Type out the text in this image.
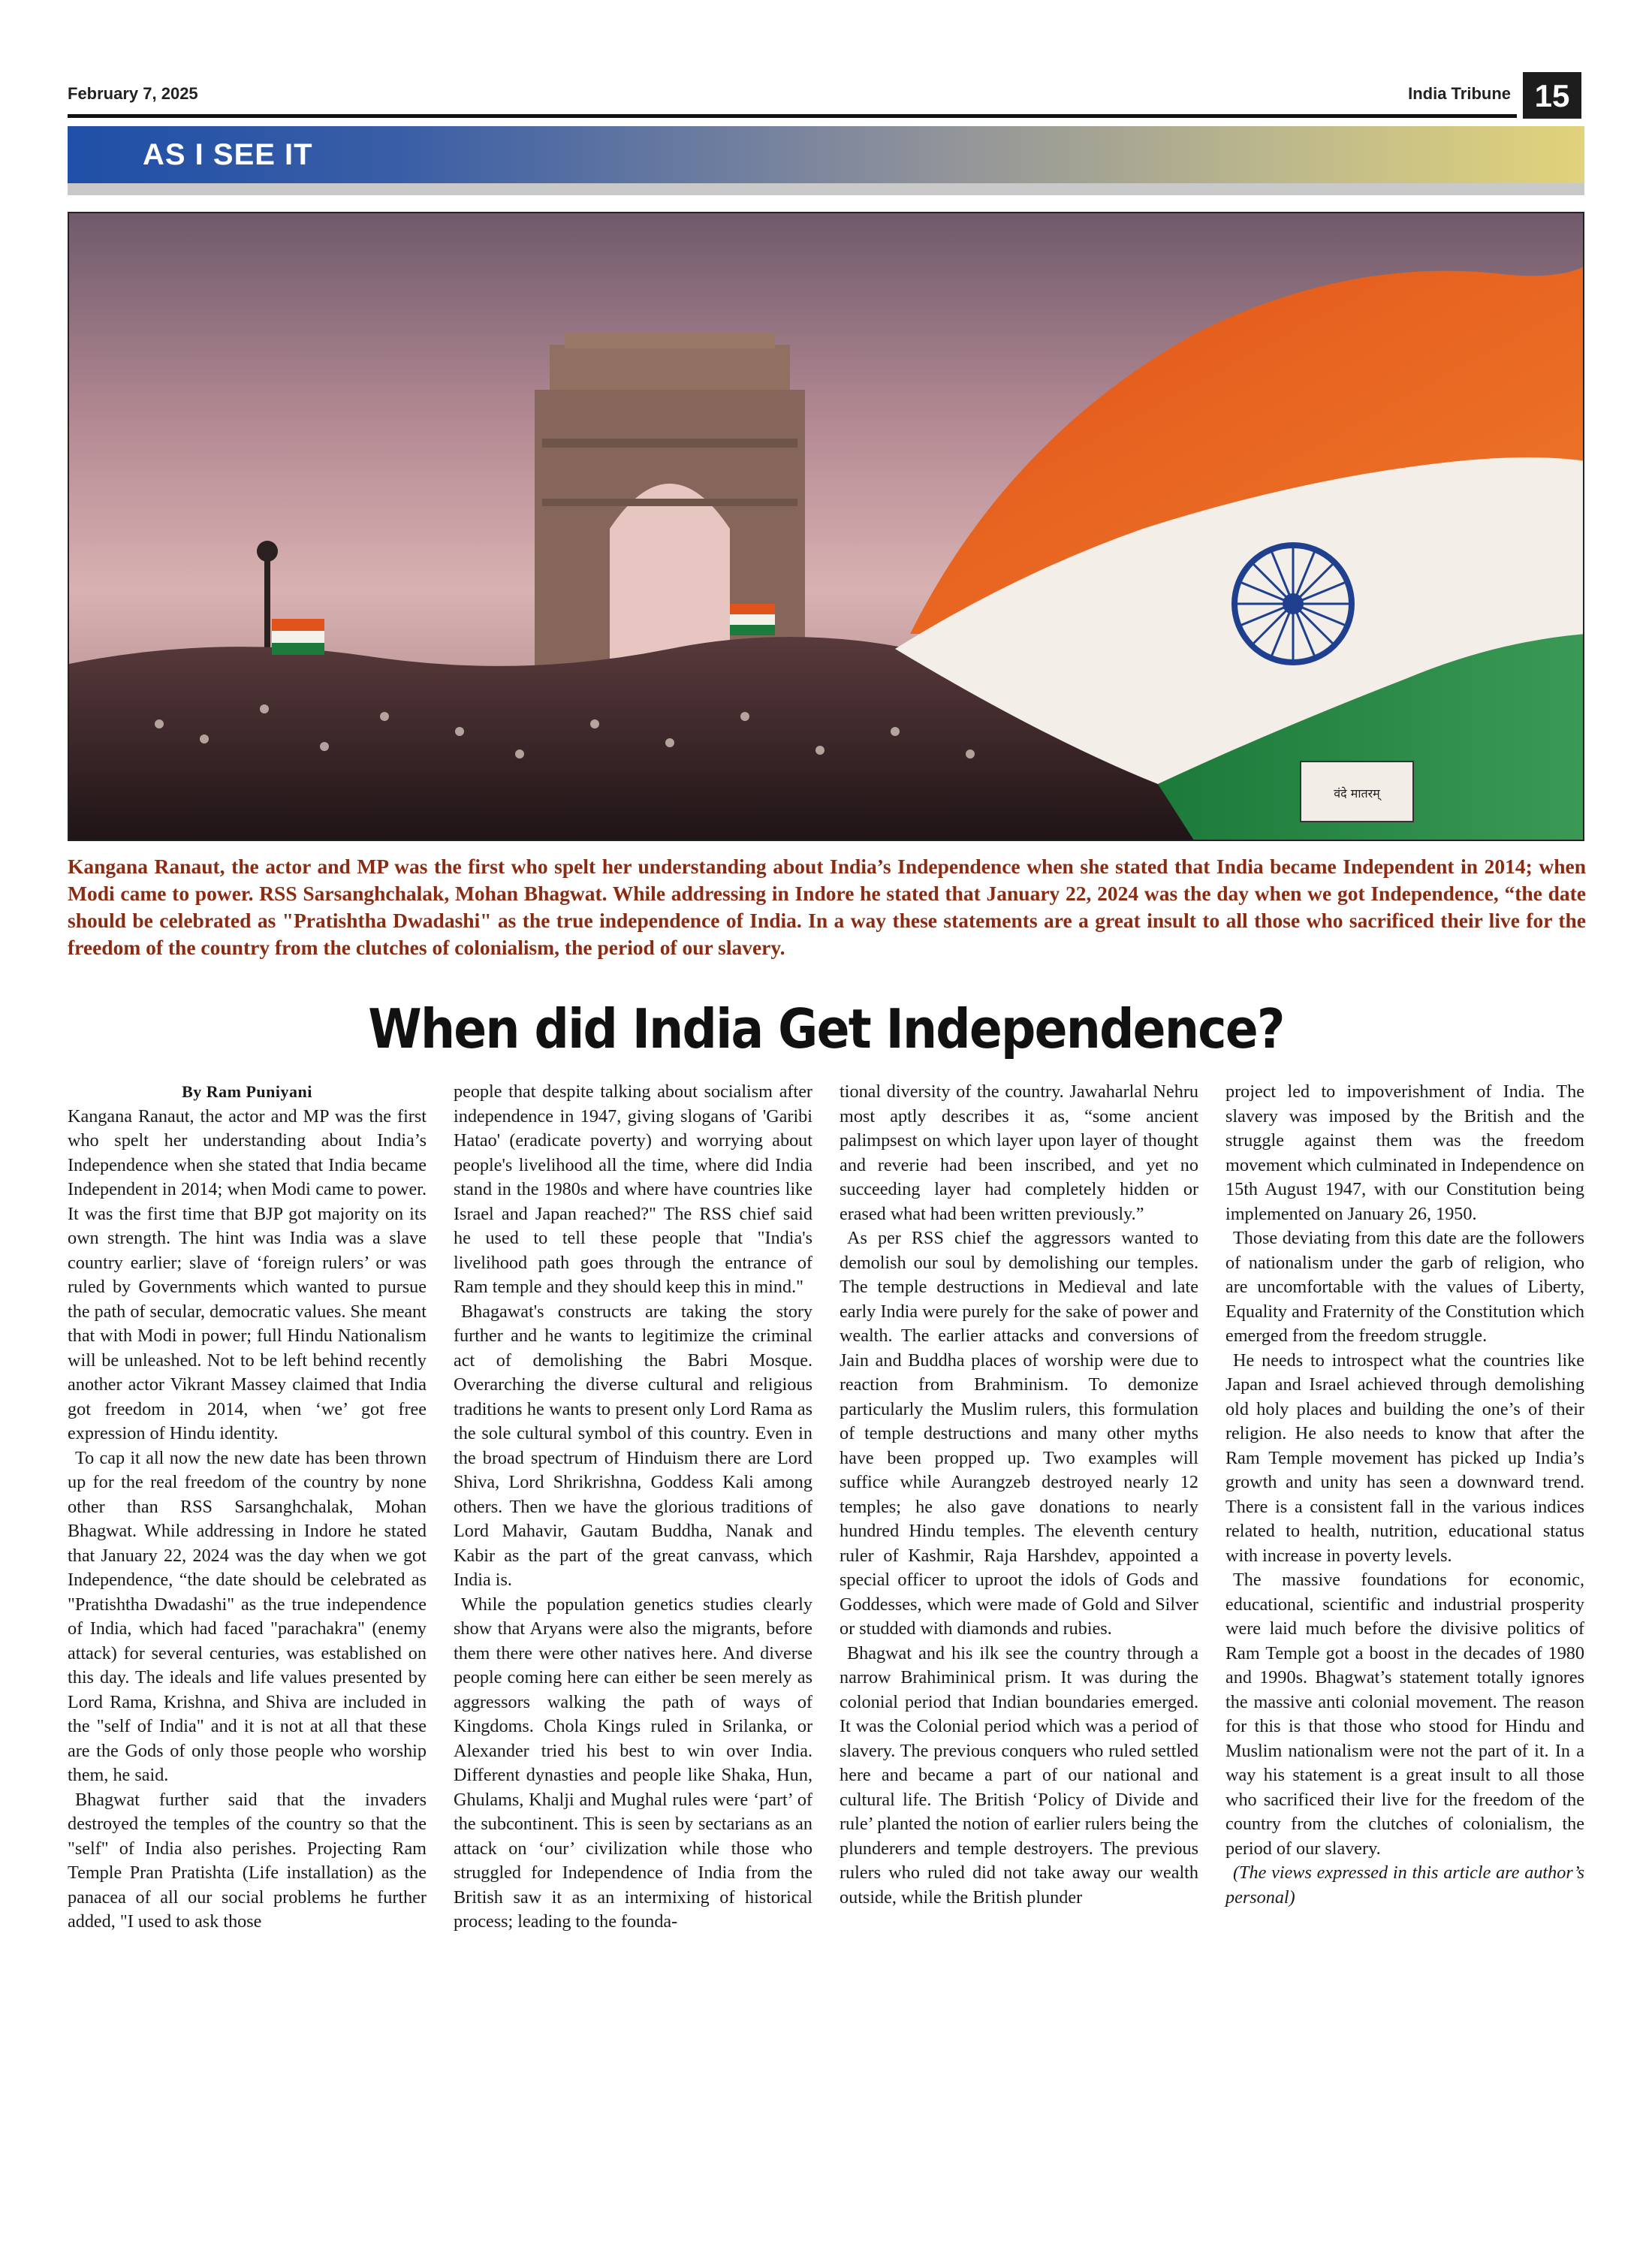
February 7, 2025	India Tribune 15
AS I SEE IT
वंदे मातरम्
Kangana Ranaut, the actor and MP was the first who spelt her understanding about India’s Independence when she stated that India became Independent in 2014; when Modi came to power. RSS Sarsanghchalak, Mohan Bhagwat. While addressing in Indore he stated that January 22, 2024 was the day when we got Independence, “the date should be celebrated as "Pratishtha Dwadashi" as the true independence of India. In a way these statements are a great insult to all those who sacrificed their live for the freedom of the country from the clutches of colonialism, the period of our slavery.
When did India Get Independence?

By Ram Puniyani

Kangana Ranaut, the actor and MP was the first who spelt her understanding about India’s Independence when she stated that India became Independent in 2014; when Modi came to power. It was the first time that BJP got majority on its own strength. The hint was India was a slave country earlier; slave of ‘foreign rulers’ or was ruled by Governments which wanted to pursue the path of secular, democratic values. She meant that with Modi in power; full Hindu Nationalism will be unleashed. Not to be left behind recently another actor Vikrant Massey claimed that India got freedom in 2014, when ‘we’ got free expression of Hindu identity.

To cap it all now the new date has been thrown up for the real freedom of the country by none other than RSS Sarsanghchalak, Mohan Bhagwat. While addressing in Indore he stated that January 22, 2024 was the day when we got Independence, “the date should be celebrated as "Pratishtha Dwadashi" as the true independence of India, which had faced "parachakra" (enemy attack) for several centuries, was established on this day. The ideals and life values presented by Lord Rama, Krishna, and Shiva are included in the "self of India" and it is not at all that these are the Gods of only those people who worship them, he said.

Bhagwat further said that the invaders destroyed the temples of the country so that the "self" of India also perishes. Projecting Ram Temple Pran Pratishta (Life installation) as the panacea of all our social problems he further added, "I used to ask those

people that despite talking about socialism after independence in 1947, giving slogans of 'Garibi Hatao' (eradicate poverty) and worrying about people's livelihood all the time, where did India stand in the 1980s and where have countries like Israel and Japan reached?" The RSS chief said he used to tell these people that "India's livelihood path goes through the entrance of Ram temple and they should keep this in mind."

Bhagawat's constructs are taking the story further and he wants to legitimize the criminal act of demolishing the Babri Mosque. Overarching the diverse cultural and religious traditions he wants to present only Lord Rama as the sole cultural symbol of this country. Even in the broad spectrum of Hinduism there are Lord Shiva, Lord Shrikrishna, Goddess Kali among others. Then we have the glorious traditions of Lord Mahavir, Gautam Buddha, Nanak and Kabir as the part of the great canvass, which India is.

While the population genetics studies clearly show that Aryans were also the migrants, before them there were other natives here. And diverse people coming here can either be seen merely as aggressors walking the path of ways of Kingdoms. Chola Kings ruled in Srilanka, or Alexander tried his best to win over India. Different dynasties and people like Shaka, Hun, Ghulams, Khalji and Mughal rules were ‘part’ of the subcontinent. This is seen by sectarians as an attack on ‘our’ civilization while those who struggled for Independence of India from the British saw it as an intermixing of historical process; leading to the founda-

tional diversity of the country. Jawaharlal Nehru most aptly describes it as, “some ancient palimpsest on which layer upon layer of thought and reverie had been inscribed, and yet no succeeding layer had completely hidden or erased what had been written previously.”

As per RSS chief the aggressors wanted to demolish our soul by demolishing our temples. The temple destructions in Medieval and late early India were purely for the sake of power and wealth. The earlier attacks and conversions of Jain and Buddha places of worship were due to reaction from Brahminism. To demonize particularly the Muslim rulers, this formulation of temple destructions and many other myths have been propped up. Two examples will suffice while Aurangzeb destroyed nearly 12 temples; he also gave donations to nearly hundred Hindu temples. The eleventh century ruler of Kashmir, Raja Harshdev, appointed a special officer to uproot the idols of Gods and Goddesses, which were made of Gold and Silver or studded with diamonds and rubies.

Bhagwat and his ilk see the country through a narrow Brahiminical prism. It was during the colonial period that Indian boundaries emerged. It was the Colonial period which was a period of slavery. The previous conquers who ruled settled here and became a part of our national and cultural life. The British ‘Policy of Divide and rule’ planted the notion of earlier rulers being the plunderers and temple destroyers. The previous rulers who ruled did not take away our wealth outside, while the British plunder

project led to impoverishment of India. The slavery was imposed by the British and the struggle against them was the freedom movement which culminated in Independence on 15th August 1947, with our Constitution being implemented on January 26, 1950.

Those deviating from this date are the followers of nationalism under the garb of religion, who are uncomfortable with the values of Liberty, Equality and Fraternity of the Constitution which emerged from the freedom struggle.

He needs to introspect what the countries like Japan and Israel achieved through demolishing old holy places and building the one’s of their religion. He also needs to know that after the Ram Temple movement has picked up India’s growth and unity has seen a downward trend. There is a consistent fall in the various indices related to health, nutrition, educational status with increase in poverty levels.

The massive foundations for economic, educational, scientific and industrial prosperity were laid much before the divisive politics of Ram Temple got a boost in the decades of 1980 and 1990s. Bhagwat’s statement totally ignores the massive anti colonial movement. The reason for this is that those who stood for Hindu and Muslim nationalism were not the part of it. In a way his statement is a great insult to all those who sacrificed their live for the freedom of the country from the clutches of colonialism, the period of our slavery.

(The views expressed in this article are author’s personal)
